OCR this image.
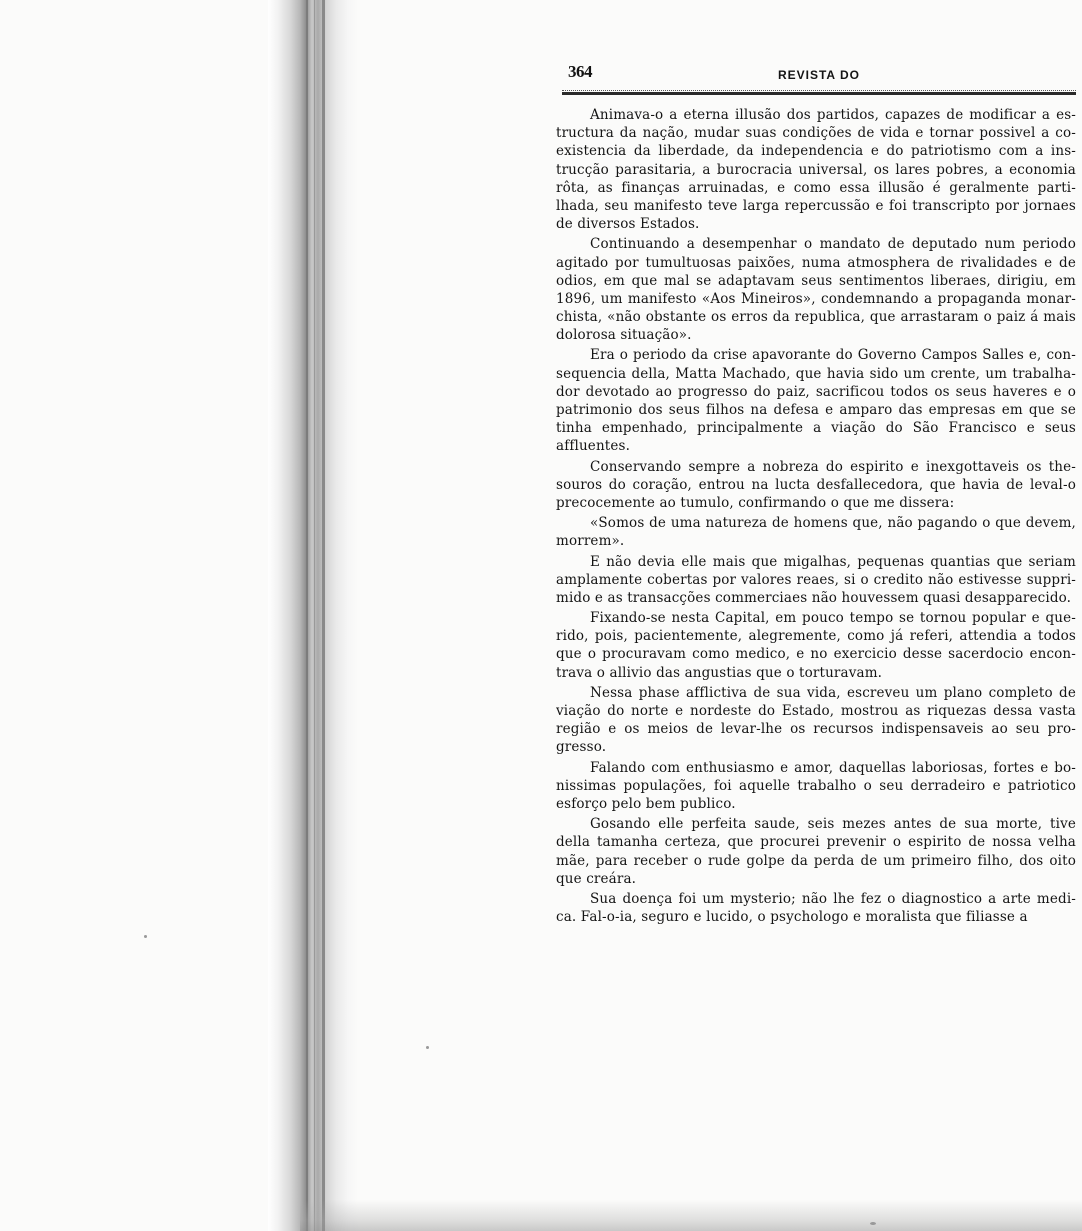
364	REVISTA DO
Animava-o a eterna illusão dos partidos, capazes de modificar a es-
tructura da nação, mudar suas condições de vida e tornar possivel a co-
existencia da liberdade, da independencia e do patriotismo com a ins-
trucção parasitaria, a burocracia universal, os lares pobres, a economia
rôta, as finanças arruinadas, e como essa illusão é geralmente parti-
lhada, seu manifesto teve larga repercussão e foi transcripto por jornaes
de diversos Estados.
Continuando a desempenhar o mandato de deputado num periodo
agitado por tumultuosas paixões, numa atmosphera de rivalidades e de
odios, em que mal se adaptavam seus sentimentos liberaes, dirigiu, em
1896, um manifesto «Aos Mineiros», condemnando a propaganda monar-
chista, «não obstante os erros da republica, que arrastaram o paiz á mais
dolorosa situação».
Era o periodo da crise apavorante do Governo Campos Salles e, con-
sequencia della, Matta Machado, que havia sido um crente, um trabalha-
dor devotado ao progresso do paiz, sacrificou todos os seus haveres e o
patrimonio dos seus filhos na defesa e amparo das empresas em que se
tinha empenhado, principalmente a viação do São Francisco e seus
affluentes.
Conservando sempre a nobreza do espirito e inexgottaveis os the-
souros do coração, entrou na lucta desfallecedora, que havia de leval-o
precocemente ao tumulo, confirmando o que me dissera:
«Somos de uma natureza de homens que, não pagando o que devem,
morrem».
E não devia elle mais que migalhas, pequenas quantias que seriam
amplamente cobertas por valores reaes, si o credito não estivesse suppri-
mido e as transacções commerciaes não houvessem quasi desapparecido.
Fixando-se nesta Capital, em pouco tempo se tornou popular e que-
rido, pois, pacientemente, alegremente, como já referi, attendia a todos
que o procuravam como medico, e no exercicio desse sacerdocio encon-
trava o allivio das angustias que o torturavam.
Nessa phase afflictiva de sua vida, escreveu um plano completo de
viação do norte e nordeste do Estado, mostrou as riquezas dessa vasta
região e os meios de levar-lhe os recursos indispensaveis ao seu pro-
gresso.
Falando com enthusiasmo e amor, daquellas laboriosas, fortes e bo-
nissimas populações, foi aquelle trabalho o seu derradeiro e patriotico
esforço pelo bem publico.
Gosando elle perfeita saude, seis mezes antes de sua morte, tive
della tamanha certeza, que procurei prevenir o espirito de nossa velha
mãe, para receber o rude golpe da perda de um primeiro filho, dos oito
que creára.
Sua doença foi um mysterio; não lhe fez o diagnostico a arte medi-
ca. Fal-o-ia, seguro e lucido, o psychologo e moralista que filiasse a
